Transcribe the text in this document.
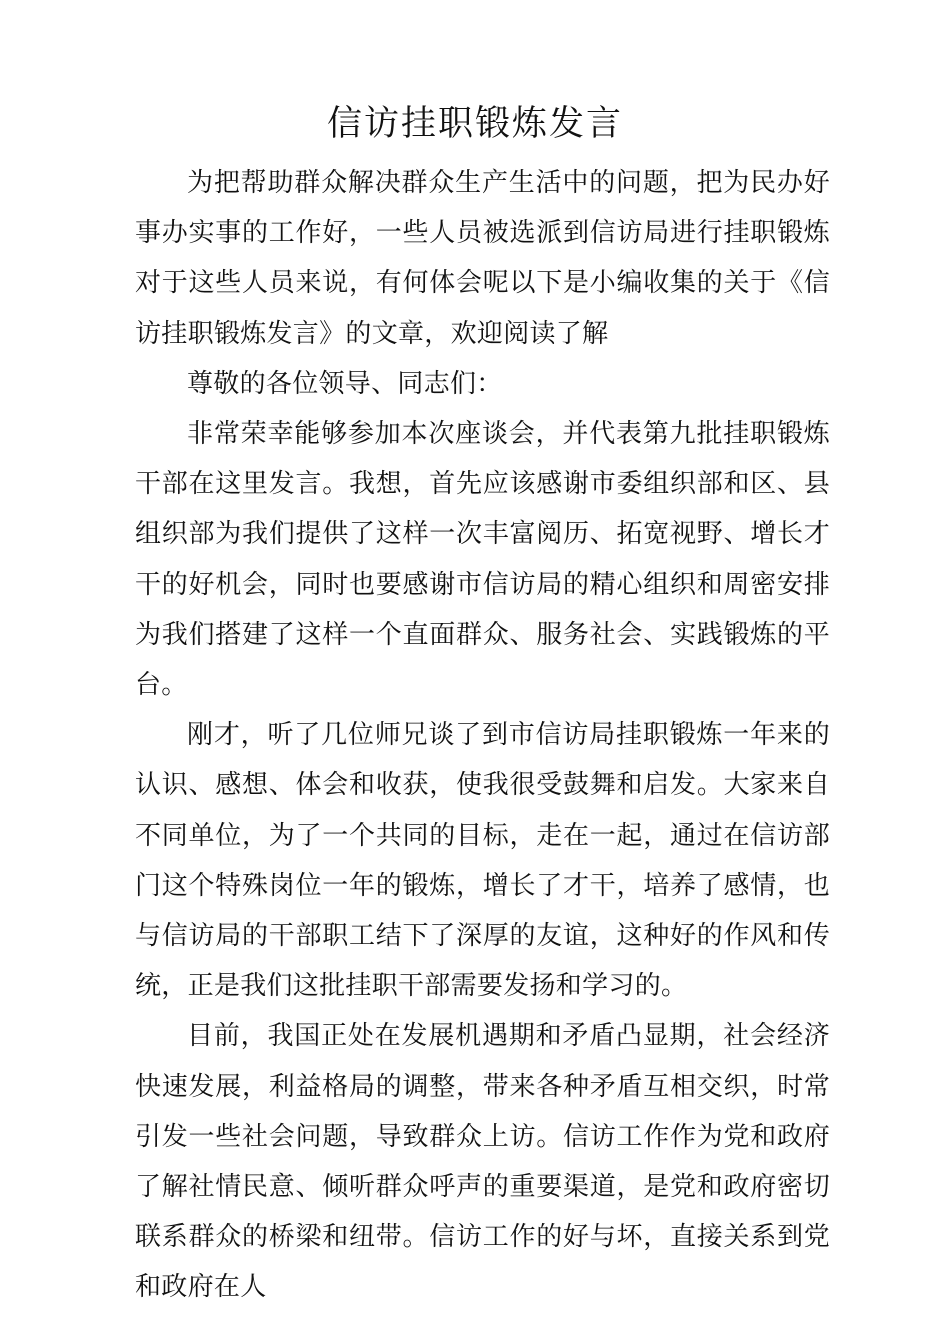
信访挂职锻炼发言

为把帮助群众解决群众生产生活中的问题，把为民办好事办实事的工作好，一些人员被选派到信访局进行挂职锻炼对于这些人员来说，有何体会呢以下是小编收集的关于《信访挂职锻炼发言》的文章，欢迎阅读了解

尊敬的各位领导、同志们：

非常荣幸能够参加本次座谈会，并代表第九批挂职锻炼干部在这里发言。我想，首先应该感谢市委组织部和区、县组织部为我们提供了这样一次丰富阅历、拓宽视野、增长才干的好机会，同时也要感谢市信访局的精心组织和周密安排为我们搭建了这样一个直面群众、服务社会、实践锻炼的平台。

刚才，听了几位师兄谈了到市信访局挂职锻炼一年来的认识、感想、体会和收获，使我很受鼓舞和启发。大家来自不同单位，为了一个共同的目标，走在一起，通过在信访部门这个特殊岗位一年的锻炼，增长了才干，培养了感情，也与信访局的干部职工结下了深厚的友谊，这种好的作风和传统，正是我们这批挂职干部需要发扬和学习的。

目前，我国正处在发展机遇期和矛盾凸显期，社会经济快速发展，利益格局的调整，带来各种矛盾互相交织，时常引发一些社会问题，导致群众上访。信访工作作为党和政府了解社情民意、倾听群众呼声的重要渠道，是党和政府密切联系群众的桥梁和纽带。信访工作的好与坏，直接关系到党和政府在人
